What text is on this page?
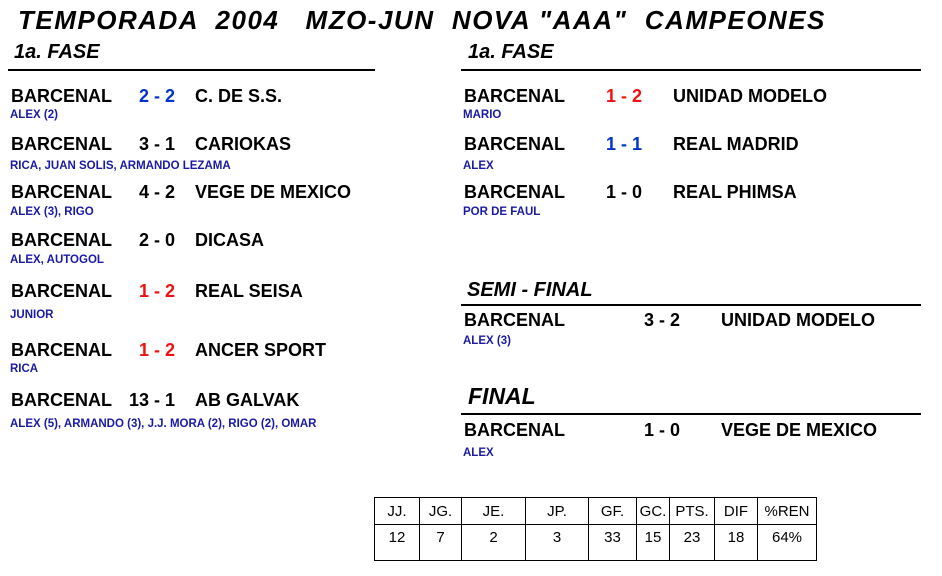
TEMPORADA  2004   MZO-JUN  NOVA "AAA"  CAMPEONES
1a. FASE
BARCENAL 2 - 2 C. DE S.S.
ALEX (2)
BARCENAL 3 - 1 CARIOKAS
RICA, JUAN SOLIS, ARMANDO LEZAMA
BARCENAL 4 - 2 VEGE DE MEXICO
ALEX (3), RIGO
BARCENAL 2 - 0 DICASA
ALEX, AUTOGOL
BARCENAL 1 - 2 REAL SEISA
JUNIOR
BARCENAL 1 - 2 ANCER SPORT
RICA
BARCENAL 13 - 1 AB GALVAK
ALEX (5), ARMANDO (3), J.J. MORA (2), RIGO (2), OMAR
1a. FASE
BARCENAL 1 - 2 UNIDAD MODELO
MARIO
BARCENAL 1 - 1 REAL MADRID
ALEX
BARCENAL 1 - 0 REAL PHIMSA
POR DE FAUL
SEMI - FINAL
BARCENAL	3 - 2 UNIDAD MODELO
ALEX (3)
FINAL
BARCENAL	1 - 0 VEGE DE MEXICO
ALEX
JJ.	JG.	JE.	JP.	GF.	GC.	PTS.	DIF	%REN
12	7	2	3	33	15	23	18	64%
